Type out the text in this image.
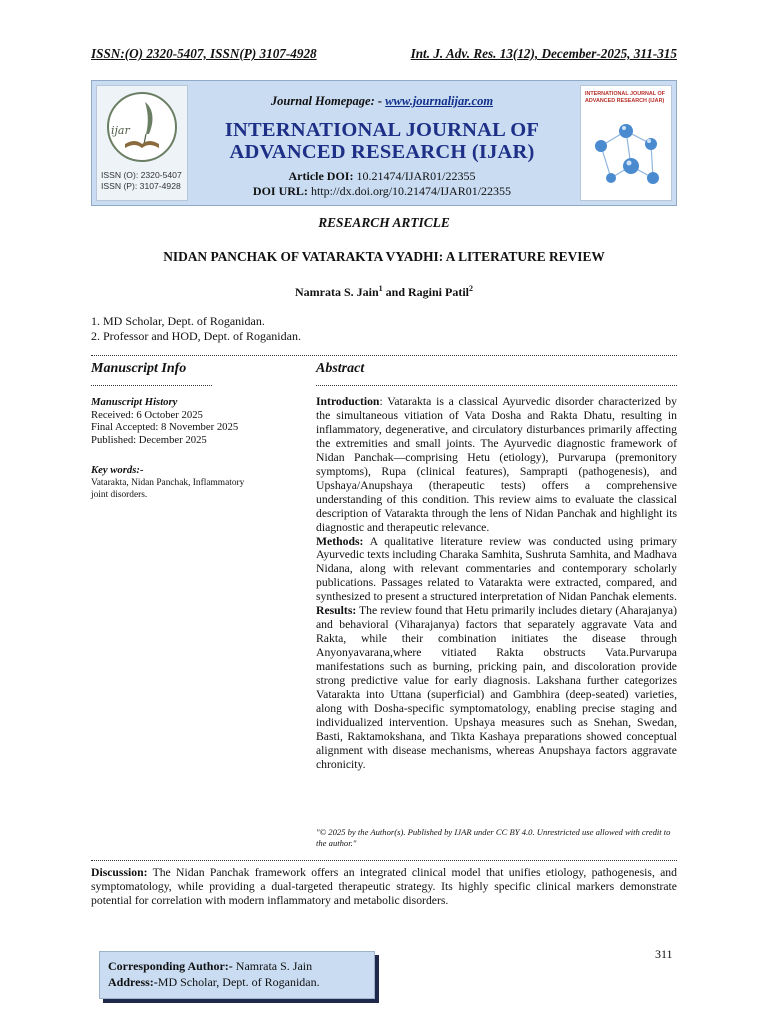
ISSN:(O) 2320-5407, ISSN(P) 3107-4928	Int. J. Adv. Res. 13(12), December-2025, 311-315
ijar
ISSN (O): 2320-5407
ISSN (P): 3107-4928
Journal Homepage: - www.journalijar.com
INTERNATIONAL JOURNAL OF
ADVANCED RESEARCH (IJAR)
Article DOI: 10.21474/IJAR01/22355
DOI URL: http://dx.doi.org/10.21474/IJAR01/22355
INTERNATIONAL JOURNAL OF ADVANCED RESEARCH (IJAR)
RESEARCH ARTICLE
NIDAN PANCHAK OF VATARAKTA VYADHI: A LITERATURE REVIEW
Namrata S. Jain$^1$ and Ragini Patil$^2$
1. MD Scholar, Dept. of Roganidan.
2. Professor and HOD, Dept. of Roganidan.
Manuscript Info	Abstract
Manuscript History
Received: 6 October 2025
Final Accepted: 8 November 2025
Published: December 2025
Key words:-
Vatarakta, Nidan Panchak, Inflammatory joint disorders.

Introduction: Vatarakta is a classical Ayurvedic disorder characterized by the simultaneous vitiation of Vata Dosha and Rakta Dhatu, resulting in inflammatory, degenerative, and circulatory disturbances primarily affecting the extremities and small joints. The Ayurvedic diagnostic framework of Nidan Panchak—comprising Hetu (etiology), Purvarupa (premonitory symptoms), Rupa (clinical features), Samprapti (pathogenesis), and Upshaya/Anupshaya (therapeutic tests) offers a comprehensive understanding of this condition. This review aims to evaluate the classical description of Vatarakta through the lens of Nidan Panchak and highlight its diagnostic and therapeutic relevance.

Methods: A qualitative literature review was conducted using primary Ayurvedic texts including Charaka Samhita, Sushruta Samhita, and Madhava Nidana, along with relevant commentaries and contemporary scholarly publications. Passages related to Vatarakta were extracted, compared, and synthesized to present a structured interpretation of Nidan Panchak elements.

Results: The review found that Hetu primarily includes dietary (Aharajanya) and behavioral (Viharajanya) factors that separately aggravate Vata and Rakta, while their combination initiates the disease through Anyonyavarana,where vitiated Rakta obstructs Vata.Purvarupa manifestations such as burning, pricking pain, and discoloration provide strong predictive value for early diagnosis. Lakshana further categorizes Vatarakta into Uttana (superficial) and Gambhira (deep-seated) varieties, along with Dosha-specific symptomatology, enabling precise staging and individualized intervention. Upshaya measures such as Snehan, Swedan, Basti, Raktamokshana, and Tikta Kashaya preparations showed conceptual alignment with disease mechanisms, whereas Anupshaya factors aggravate chronicity.

"© 2025 by the Author(s). Published by IJAR under CC BY 4.0. Unrestricted use allowed with credit to the author."
Discussion: The Nidan Panchak framework offers an integrated clinical model that unifies etiology, pathogenesis, and symptomatology, while providing a dual-targeted therapeutic strategy. Its highly specific clinical markers demonstrate potential for correlation with modern inflammatory and metabolic disorders.
311
Corresponding Author:- Namrata S. Jain
Address:-MD Scholar, Dept. of Roganidan.
